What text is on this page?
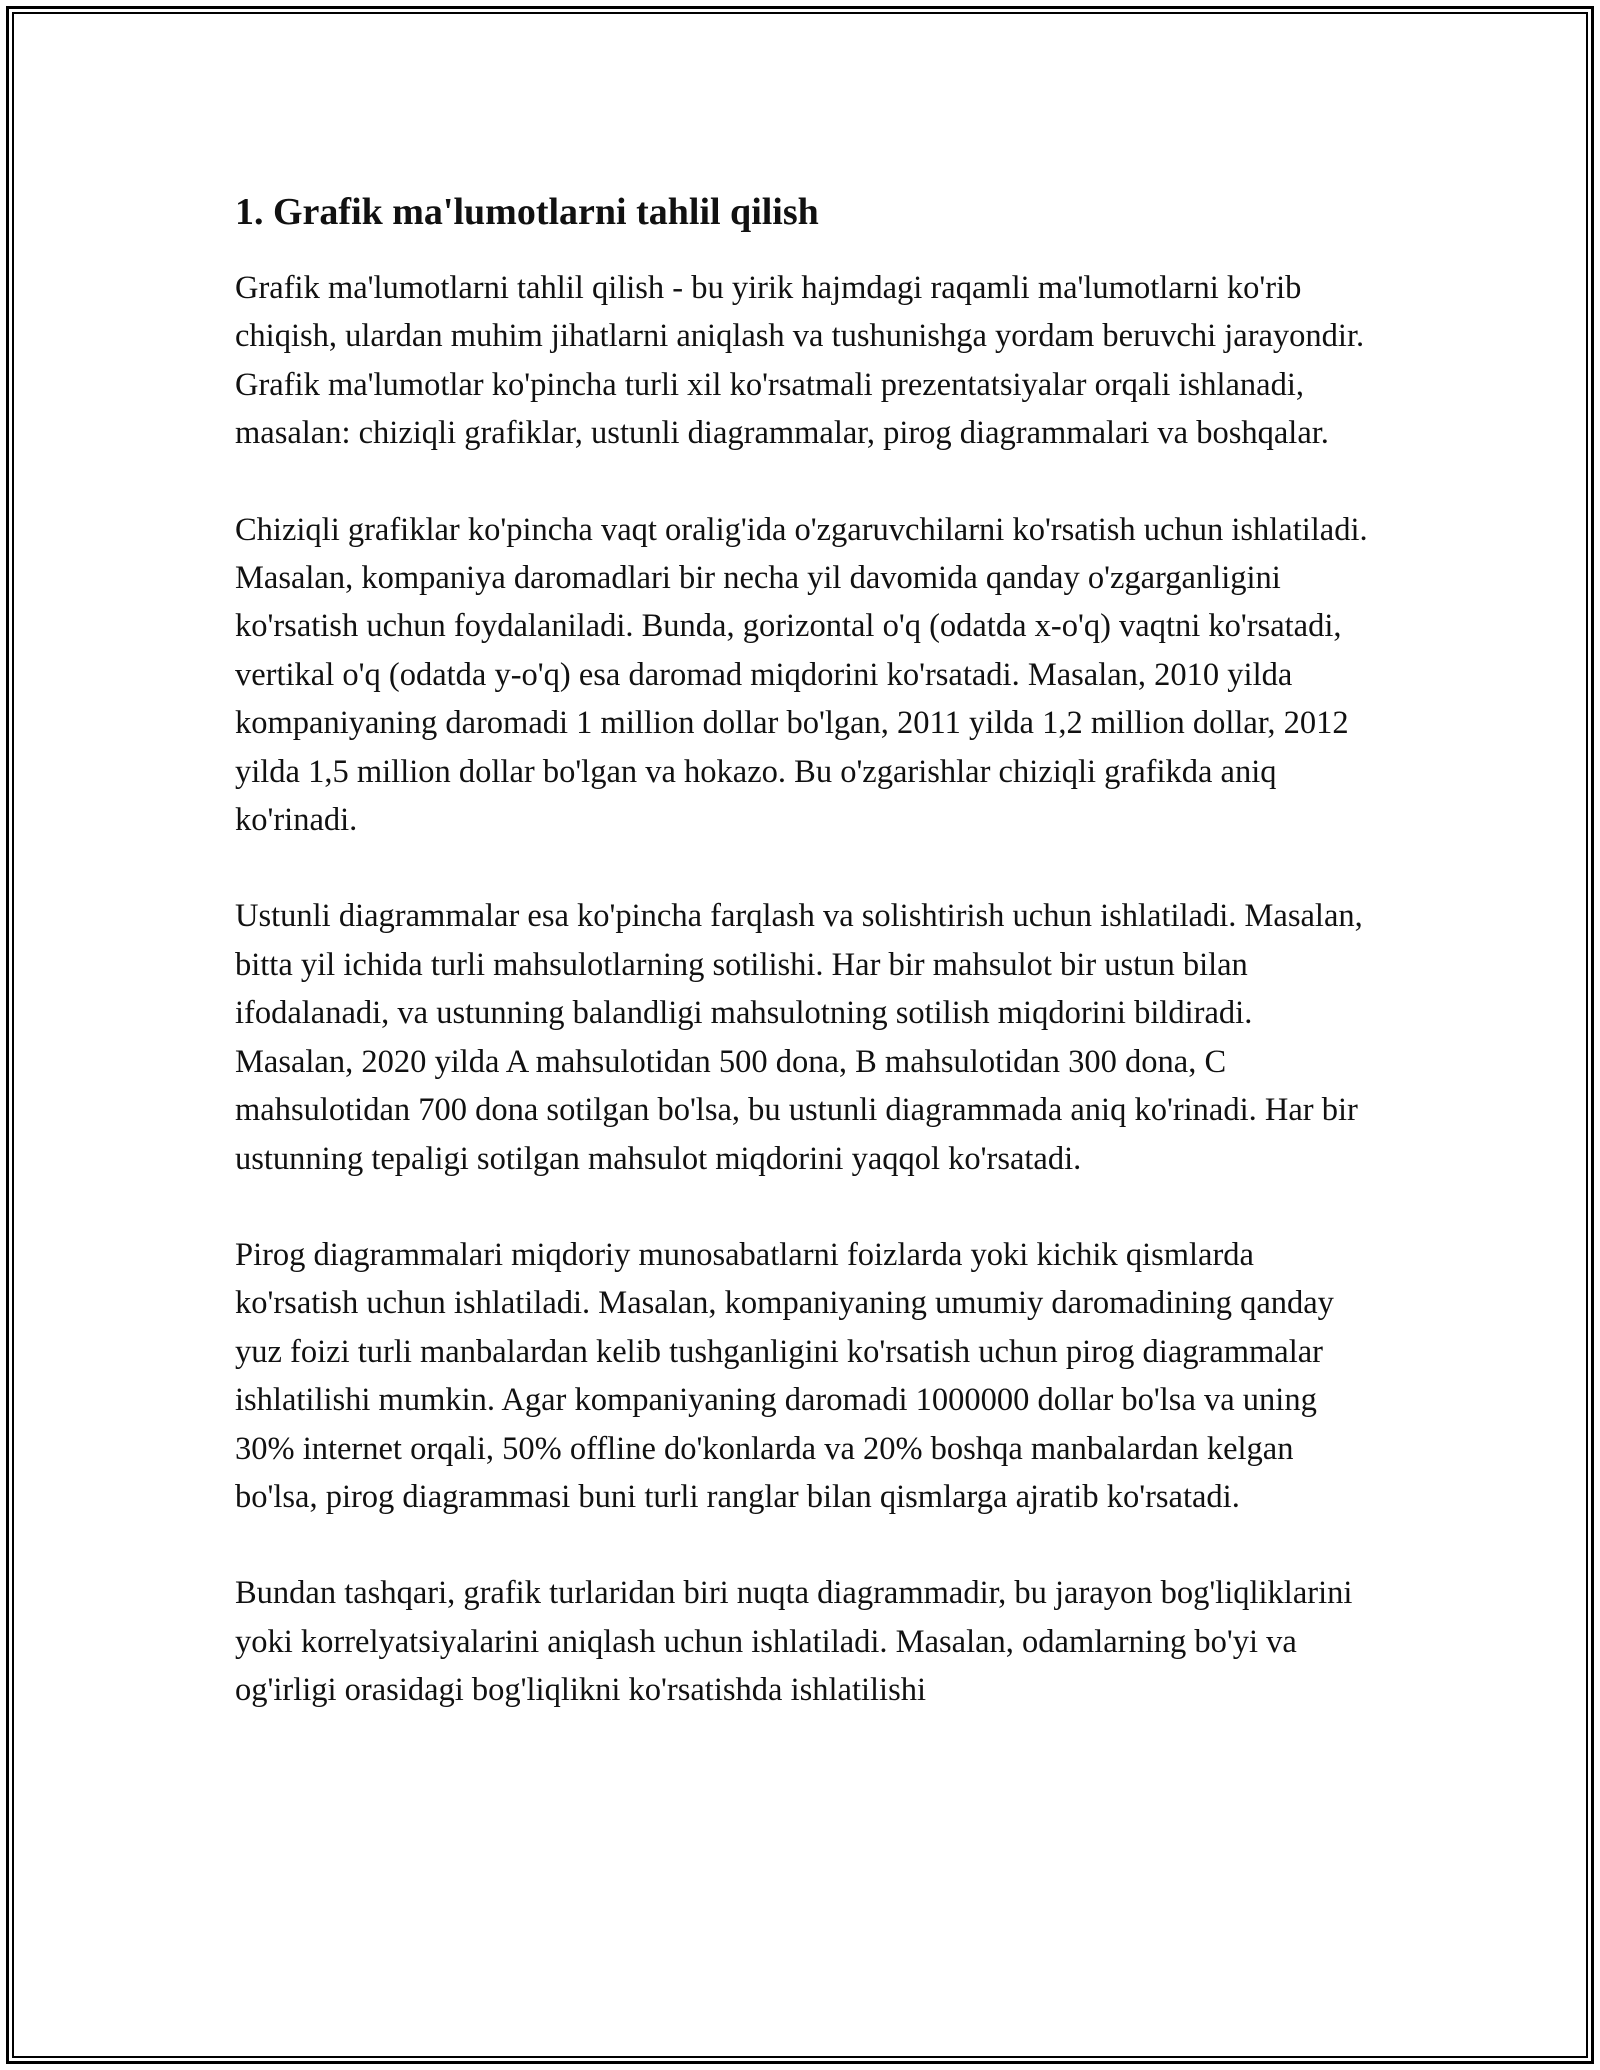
1. Grafik ma'lumotlarni tahlil qilish

Grafik ma'lumotlarni tahlil qilish - bu yirik hajmdagi raqamli ma'lumotlarni ko'rib chiqish, ulardan muhim jihatlarni aniqlash va tushunishga yordam beruvchi jarayondir. Grafik ma'lumotlar ko'pincha turli xil ko'rsatmali prezentatsiyalar orqali ishlanadi, masalan: chiziqli grafiklar, ustunli diagrammalar, pirog diagrammalari va boshqalar.

Chiziqli grafiklar ko'pincha vaqt oralig'ida o'zgaruvchilarni ko'rsatish uchun ishlatiladi. Masalan, kompaniya daromadlari bir necha yil davomida qanday o'zgarganligini ko'rsatish uchun foydalaniladi. Bunda, gorizontal o'q (odatda x-o'q) vaqtni ko'rsatadi, vertikal o'q (odatda y-o'q) esa daromad miqdorini ko'rsatadi. Masalan, 2010 yilda kompaniyaning daromadi 1 million dollar bo'lgan, 2011 yilda 1,2 million dollar, 2012 yilda 1,5 million dollar bo'lgan va hokazo. Bu o'zgarishlar chiziqli grafikda aniq ko'rinadi.

Ustunli diagrammalar esa ko'pincha farqlash va solishtirish uchun ishlatiladi. Masalan, bitta yil ichida turli mahsulotlarning sotilishi. Har bir mahsulot bir ustun bilan ifodalanadi, va ustunning balandligi mahsulotning sotilish miqdorini bildiradi. Masalan, 2020 yilda A mahsulotidan 500 dona, B mahsulotidan 300 dona, C mahsulotidan 700 dona sotilgan bo'lsa, bu ustunli diagrammada aniq ko'rinadi. Har bir ustunning tepaligi sotilgan mahsulot miqdorini yaqqol ko'rsatadi.

Pirog diagrammalari miqdoriy munosabatlarni foizlarda yoki kichik qismlarda ko'rsatish uchun ishlatiladi. Masalan, kompaniyaning umumiy daromadining qanday yuz foizi turli manbalardan kelib tushganligini ko'rsatish uchun pirog diagrammalar ishlatilishi mumkin. Agar kompaniyaning daromadi 1000000 dollar bo'lsa va uning 30% internet orqali, 50% offline do'konlarda va 20% boshqa manbalardan kelgan bo'lsa, pirog diagrammasi buni turli ranglar bilan qismlarga ajratib ko'rsatadi.

Bundan tashqari, grafik turlaridan biri nuqta diagrammadir, bu jarayon bog'liqliklarini yoki korrelyatsiyalarini aniqlash uchun ishlatiladi. Masalan, odamlarning bo'yi va og'irligi orasidagi bog'liqlikni ko'rsatishda ishlatilishi
